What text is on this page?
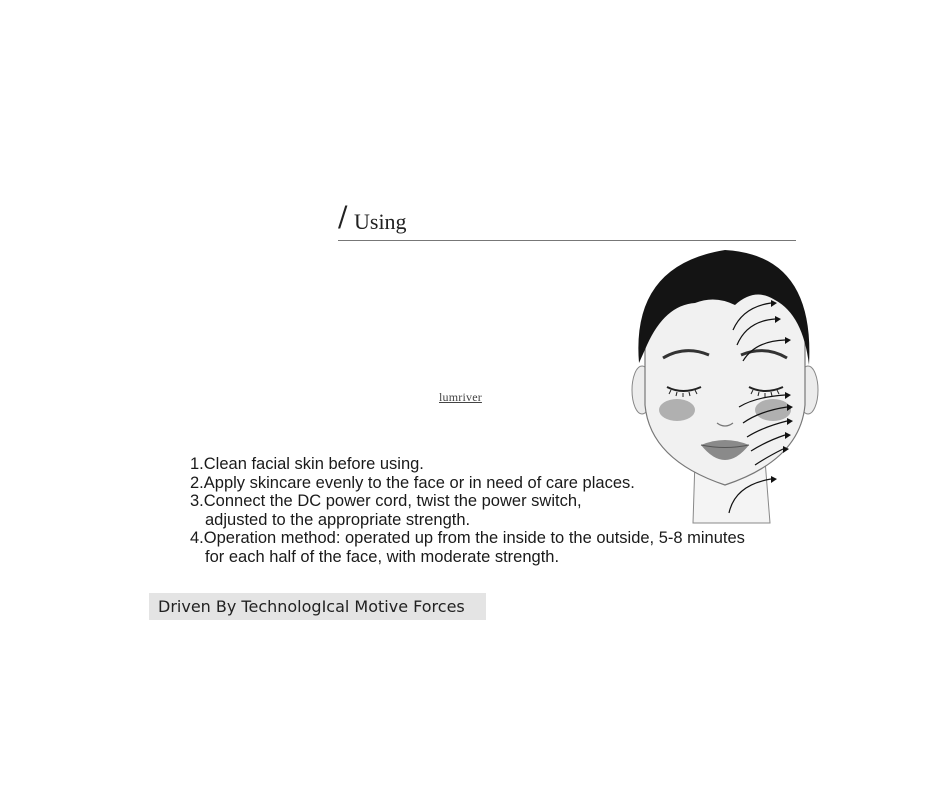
/ Using
lumriver
1.Clean facial skin before using.
2.Apply skincare evenly to the face or in need of care places.
3.Connect the DC power cord, twist the power switch,
adjusted to the appropriate strength.
4.Operation method: operated up from the inside to the outside, 5-8 minutes
for each half of the face, with moderate strength.
Driven By TechnologIcal Motive Forces
